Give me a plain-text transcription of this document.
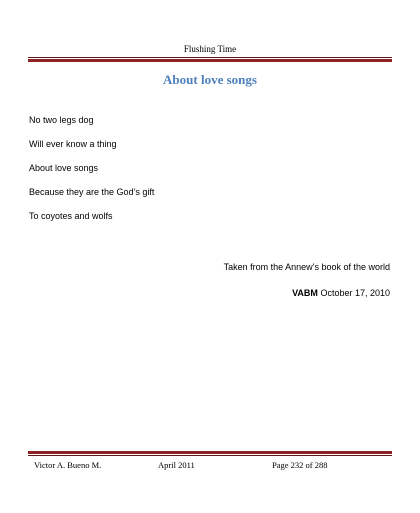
Flushing Time
About love songs
No two legs dog
Will ever know a thing
About love songs
Because they are the God’s gift
To coyotes and wolfs
Taken from the Annew’s book of the world
VABM October 17, 2010
Victor A. Bueno M.	April 2011	Page 232 of 288
